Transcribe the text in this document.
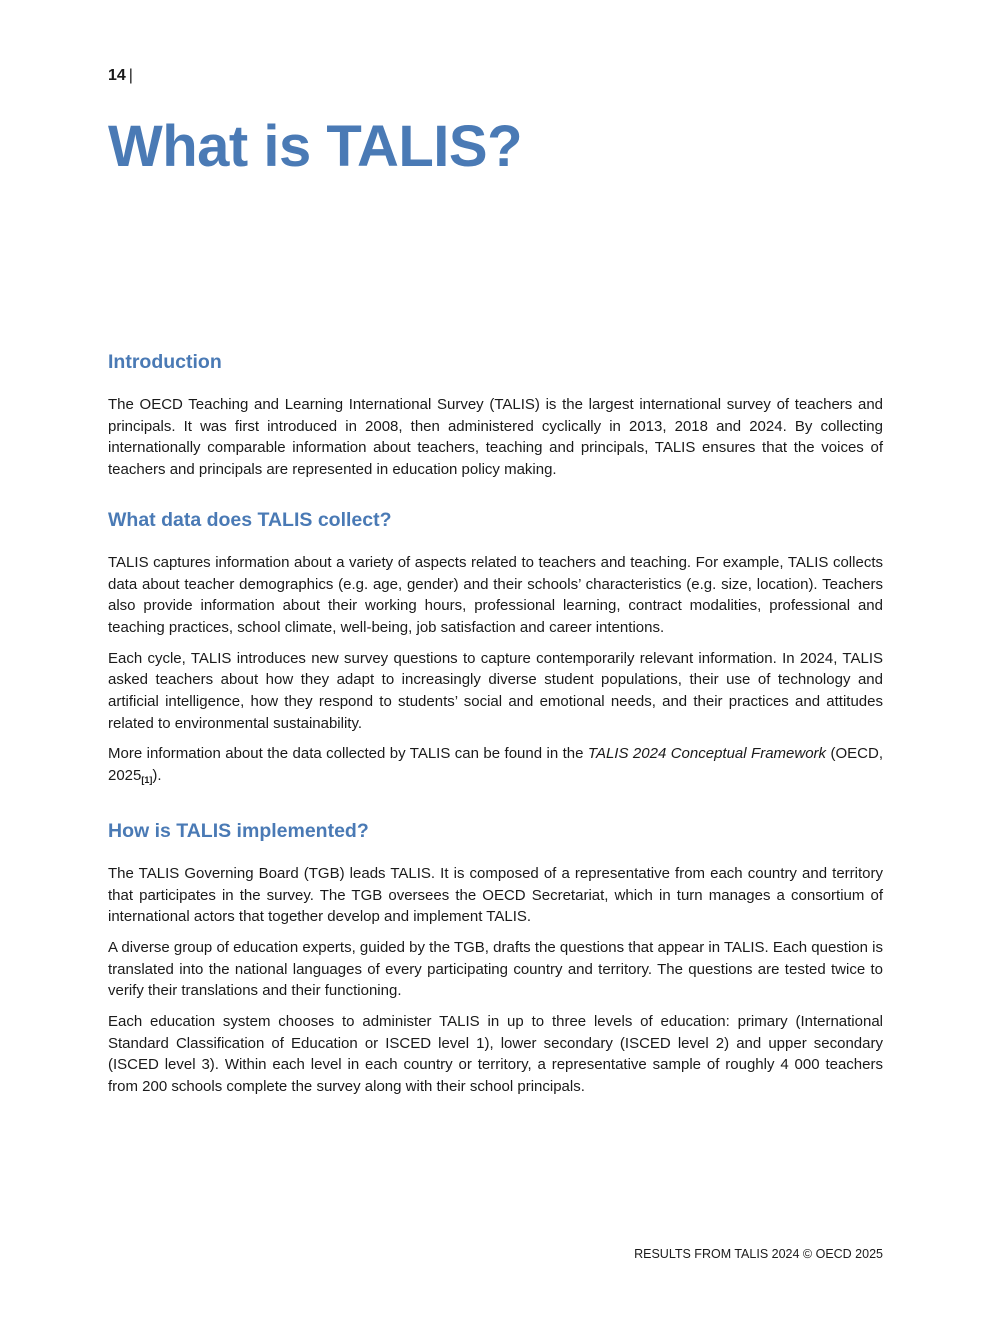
14 |
What is TALIS?
Introduction

The OECD Teaching and Learning International Survey (TALIS) is the largest international survey of teachers and principals. It was first introduced in 2008, then administered cyclically in 2013, 2018 and 2024. By collecting internationally comparable information about teachers, teaching and principals, TALIS ensures that the voices of teachers and principals are represented in education policy making.

What data does TALIS collect?

TALIS captures information about a variety of aspects related to teachers and teaching. For example, TALIS collects data about teacher demographics (e.g. age, gender) and their schools’ characteristics (e.g. size, location). Teachers also provide information about their working hours, professional learning, contract modalities, professional and teaching practices, school climate, well-being, job satisfaction and career intentions.

Each cycle, TALIS introduces new survey questions to capture contemporarily relevant information. In 2024, TALIS asked teachers about how they adapt to increasingly diverse student populations, their use of technology and artificial intelligence, how they respond to students’ social and emotional needs, and their practices and attitudes related to environmental sustainability.

More information about the data collected by TALIS can be found in the TALIS 2024 Conceptual Framework (OECD, $2025_{[1]}$).

How is TALIS implemented?

The TALIS Governing Board (TGB) leads TALIS. It is composed of a representative from each country and territory that participates in the survey. The TGB oversees the OECD Secretariat, which in turn manages a consortium of international actors that together develop and implement TALIS.

A diverse group of education experts, guided by the TGB, drafts the questions that appear in TALIS. Each question is translated into the national languages of every participating country and territory. The questions are tested twice to verify their translations and their functioning.

Each education system chooses to administer TALIS in up to three levels of education: primary (International Standard Classification of Education or ISCED level 1), lower secondary (ISCED level 2) and upper secondary (ISCED level 3). Within each level in each country or territory, a representative sample of roughly 4 000 teachers from 200 schools complete the survey along with their school principals.

RESULTS FROM TALIS 2024 © OECD 2025
